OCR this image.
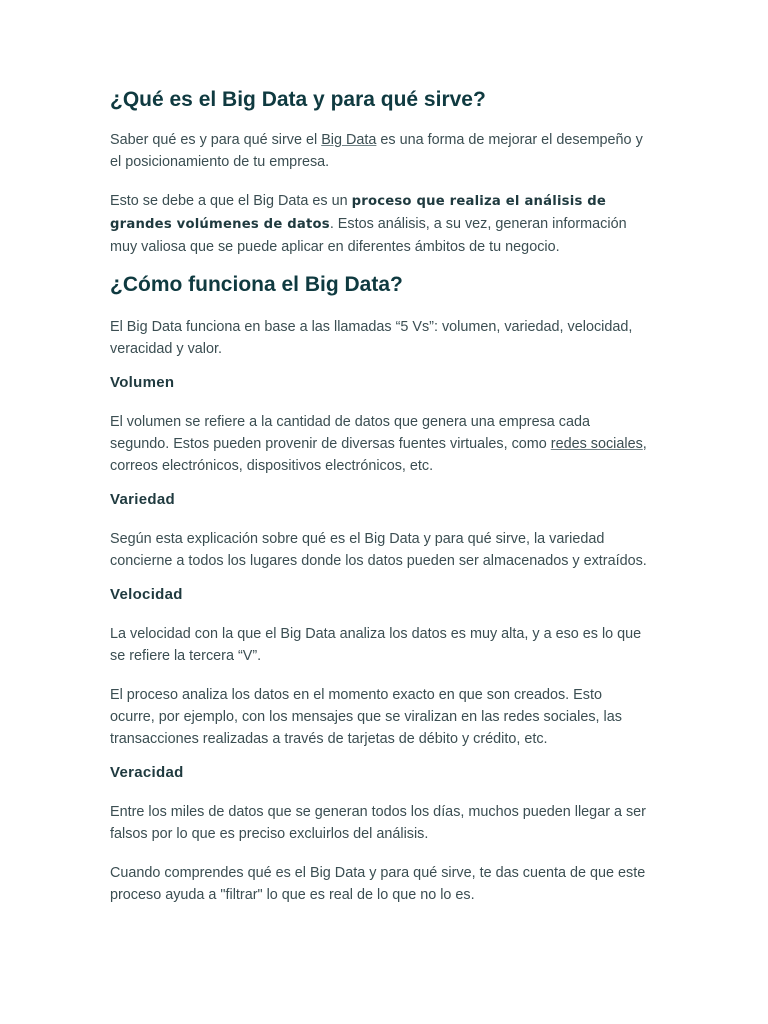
¿Qué es el Big Data y para qué sirve?

Saber qué es y para qué sirve el Big Data es una forma de mejorar el desempeño y el posicionamiento de tu empresa.

Esto se debe a que el Big Data es un proceso que realiza el análisis de grandes volúmenes de datos. Estos análisis, a su vez, generan información muy valiosa que se puede aplicar en diferentes ámbitos de tu negocio.

¿Cómo funciona el Big Data?

El Big Data funciona en base a las llamadas “5 Vs”: volumen, variedad, velocidad, veracidad y valor.

Volumen

El volumen se refiere a la cantidad de datos que genera una empresa cada segundo. Estos pueden provenir de diversas fuentes virtuales, como redes sociales, correos electrónicos, dispositivos electrónicos, etc.

Variedad

Según esta explicación sobre qué es el Big Data y para qué sirve, la variedad concierne a todos los lugares donde los datos pueden ser almacenados y extraídos.

Velocidad

La velocidad con la que el Big Data analiza los datos es muy alta, y a eso es lo que se refiere la tercera “V”.

El proceso analiza los datos en el momento exacto en que son creados. Esto ocurre, por ejemplo, con los mensajes que se viralizan en las redes sociales, las transacciones realizadas a través de tarjetas de débito y crédito, etc.

Veracidad

Entre los miles de datos que se generan todos los días, muchos pueden llegar a ser falsos por lo que es preciso excluirlos del análisis.

Cuando comprendes qué es el Big Data y para qué sirve, te das cuenta de que este proceso ayuda a "filtrar" lo que es real de lo que no lo es.
